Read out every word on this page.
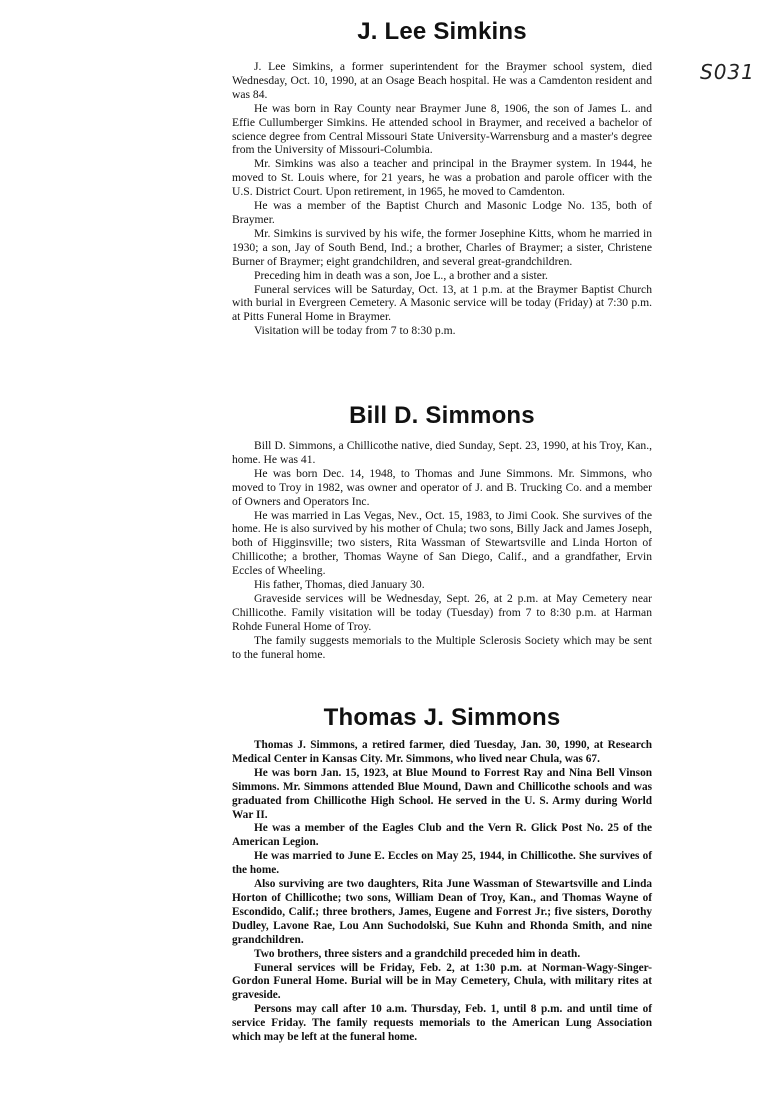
S031
J. Lee Simkins

J. Lee Simkins, a former superintendent for the Braymer school system, died Wednesday, Oct. 10, 1990, at an Osage Beach hospital. He was a Camdenton resident and was 84.

He was born in Ray County near Braymer June 8, 1906, the son of James L. and Effie Cullumberger Simkins. He attended school in Braymer, and received a bachelor of science degree from Central Missouri State University-Warrensburg and a master's degree from the University of Missouri-Columbia.

Mr. Simkins was also a teacher and principal in the Braymer system. In 1944, he moved to St. Louis where, for 21 years, he was a probation and parole officer with the U.S. District Court. Upon retirement, in 1965, he moved to Camdenton.

He was a member of the Baptist Church and Masonic Lodge No. 135, both of Braymer.

Mr. Simkins is survived by his wife, the former Josephine Kitts, whom he married in 1930; a son, Jay of South Bend, Ind.; a brother, Charles of Braymer; a sister, Christene Burner of Braymer; eight grandchildren, and several great-grandchildren.

Preceding him in death was a son, Joe L., a brother and a sister.

Funeral services will be Saturday, Oct. 13, at 1 p.m. at the Braymer Baptist Church with burial in Evergreen Cemetery. A Masonic service will be today (Friday) at 7:30 p.m. at Pitts Funeral Home in Braymer.

Visitation will be today from 7 to 8:30 p.m.

Bill D. Simmons

Bill D. Simmons, a Chillicothe native, died Sunday, Sept. 23, 1990, at his Troy, Kan., home. He was 41.

He was born Dec. 14, 1948, to Thomas and June Simmons. Mr. Simmons, who moved to Troy in 1982, was owner and operator of J. and B. Trucking Co. and a member of Owners and Operators Inc.

He was married in Las Vegas, Nev., Oct. 15, 1983, to Jimi Cook. She survives of the home. He is also survived by his mother of Chula; two sons, Billy Jack and James Joseph, both of Higginsville; two sisters, Rita Wassman of Stewartsville and Linda Horton of Chillicothe; a brother, Thomas Wayne of San Diego, Calif., and a grandfather, Ervin Eccles of Wheeling.

His father, Thomas, died January 30.

Graveside services will be Wednesday, Sept. 26, at 2 p.m. at May Cemetery near Chillicothe. Family visitation will be today (Tuesday) from 7 to 8:30 p.m. at Harman Rohde Funeral Home of Troy.

The family suggests memorials to the Multiple Sclerosis Society which may be sent to the funeral home.

Thomas J. Simmons

Thomas J. Simmons, a retired farmer, died Tuesday, Jan. 30, 1990, at Research Medical Center in Kansas City. Mr. Simmons, who lived near Chula, was 67.

He was born Jan. 15, 1923, at Blue Mound to Forrest Ray and Nina Bell Vinson Simmons. Mr. Simmons attended Blue Mound, Dawn and Chillicothe schools and was graduated from Chillicothe High School. He served in the U. S. Army during World War II.

He was a member of the Eagles Club and the Vern R. Glick Post No. 25 of the American Legion.

He was married to June E. Eccles on May 25, 1944, in Chillicothe. She survives of the home.

Also surviving are two daughters, Rita June Wassman of Stewartsville and Linda Horton of Chillicothe; two sons, William Dean of Troy, Kan., and Thomas Wayne of Escondido, Calif.; three brothers, James, Eugene and Forrest Jr.; five sisters, Dorothy Dudley, Lavone Rae, Lou Ann Suchodolski, Sue Kuhn and Rhonda Smith, and nine grandchildren.

Two brothers, three sisters and a grandchild preceded him in death.

Funeral services will be Friday, Feb. 2, at 1:30 p.m. at Norman-Wagy-Singer-Gordon Funeral Home. Burial will be in May Cemetery, Chula, with military rites at graveside.

Persons may call after 10 a.m. Thursday, Feb. 1, until 8 p.m. and until time of service Friday. The family requests memorials to the American Lung Association which may be left at the funeral home.
